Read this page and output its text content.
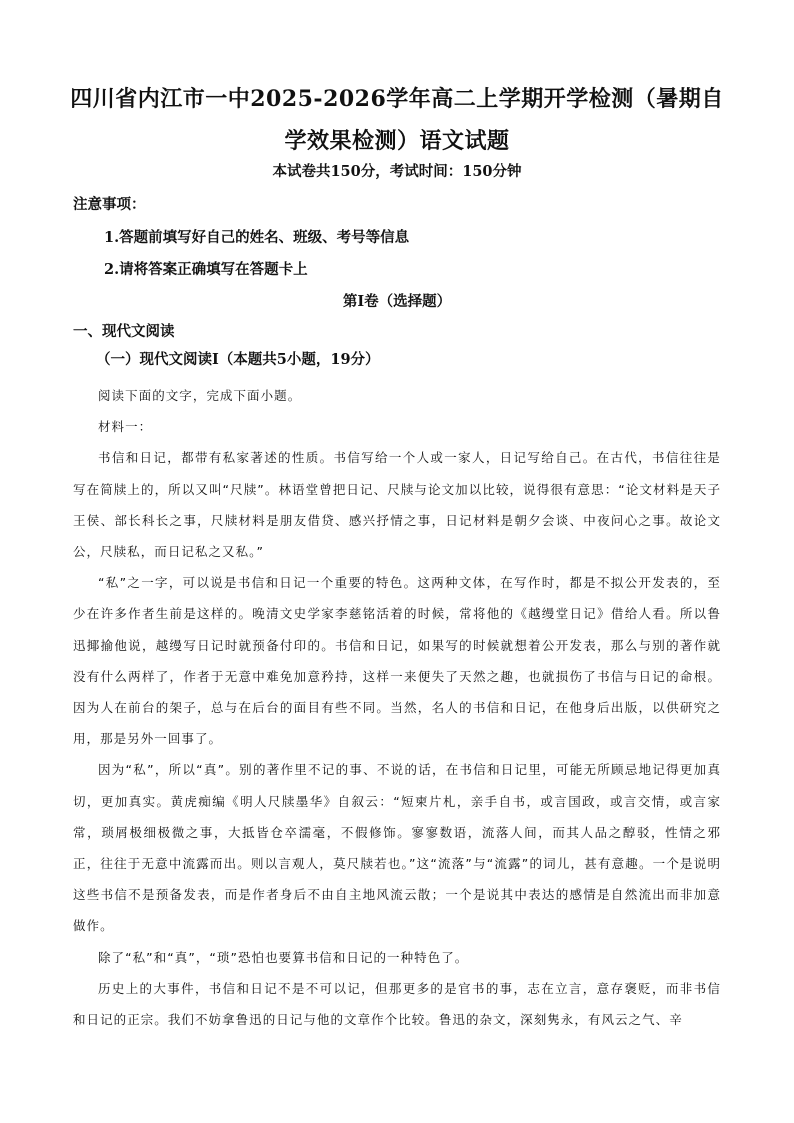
四川省内江市一中2025-2026学年高二上学期开学检测（暑期自学效果检测）语文试题
本试卷共150分，考试时间：150分钟
注意事项：
1.答题前填写好自己的姓名、班级、考号等信息
2.请将答案正确填写在答题卡上
第I卷（选择题）
一、现代文阅读
（一）现代文阅读Ⅰ（本题共5小题，19分）

阅读下面的文字，完成下面小题。

材料一：

书信和日记，都带有私家著述的性质。书信写给一个人或一家人，日记写给自己。在古代，书信往往是写在简牍上的，所以又叫“尺牍”。林语堂曾把日记、尺牍与论文加以比较，说得很有意思：“论文材料是天子王侯、部长科长之事，尺牍材料是朋友借贷、感兴抒情之事，日记材料是朝夕会谈、中夜问心之事。故论文公，尺牍私，而日记私之又私。”

“私”之一字，可以说是书信和日记一个重要的特色。这两种文体，在写作时，都是不拟公开发表的，至少在许多作者生前是这样的。晚清文史学家李慈铭活着的时候，常将他的《越缦堂日记》借给人看。所以鲁迅揶揄他说，越缦写日记时就预备付印的。书信和日记，如果写的时候就想着公开发表，那么与别的著作就没有什么两样了，作者于无意中难免加意矜持，这样一来便失了天然之趣，也就损伤了书信与日记的命根。因为人在前台的架子，总与在后台的面目有些不同。当然，名人的书信和日记，在他身后出版，以供研究之用，那是另外一回事了。

因为“私”，所以“真”。别的著作里不记的事、不说的话，在书信和日记里，可能无所顾忌地记得更加真切，更加真实。黄虎痴编《明人尺牍墨华》自叙云：“短柬片札，亲手自书，或言国政，或言交情，或言家常，琐屑极细极微之事，大抵皆仓卒濡毫，不假修饰。寥寥数语，流落人间，而其人品之醇驳，性情之邪正，往往于无意中流露而出。则以言观人，莫尺牍若也。”这“流落”与“流露”的词儿，甚有意趣。一个是说明这些书信不是预备发表，而是作者身后不由自主地风流云散；一个是说其中表达的感情是自然流出而非加意做作。

除了“私”和“真”，“琐”恐怕也要算书信和日记的一种特色了。

历史上的大事件，书信和日记不是不可以记，但那更多的是官书的事，志在立言，意存褒贬，而非书信和日记的正宗。我们不妨拿鲁迅的日记与他的文章作个比较。鲁迅的杂文，深刻隽永，有风云之气、辛
